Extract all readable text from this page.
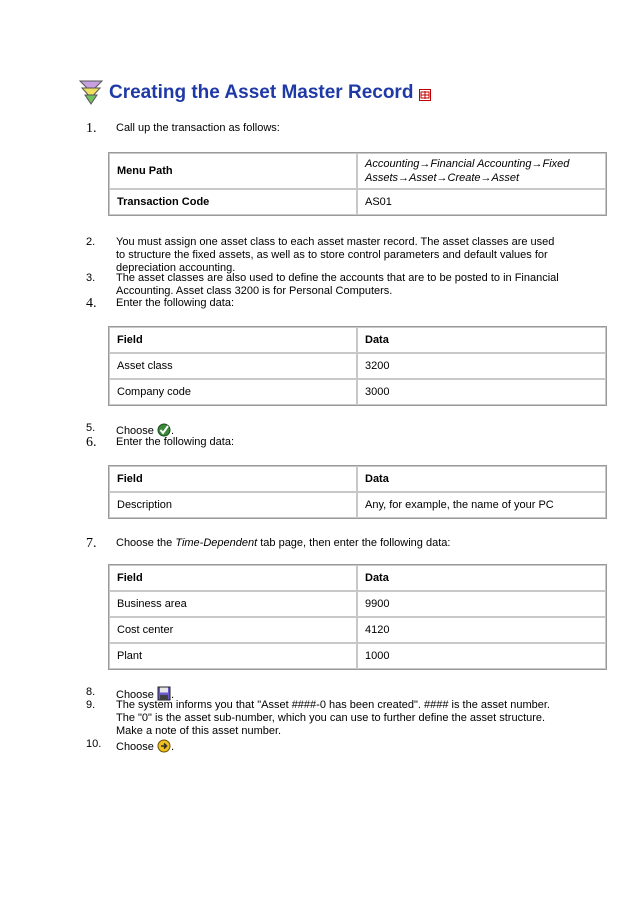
Creating the Asset Master Record
1.	Call up the transaction as follows:
Menu Path	Accounting→Financial Accounting→Fixed Assets→Asset→Create→Asset
Transaction Code	AS01
2.	You must assign one asset class to each asset master record. The asset classes are used to structure the fixed assets, as well as to store control parameters and default values for depreciation accounting.
3.	The asset classes are also used to define the accounts that are to be posted to in Financial Accounting. Asset class 3200 is for Personal Computers.
4.	Enter the following data:
Field	Data
Asset class	3200
Company code	3000
5.	Choose .
6.	Enter the following data:
Field	Data
Description	Any, for example, the name of your PC
7.	Choose the Time-Dependent tab page, then enter the following data:
Field	Data
Business area	9900
Cost center	4120
Plant	1000
8.	Choose .
9.	The system informs you that "Asset ####-0 has been created". #### is the asset number. The "0" is the asset sub-number, which you can use to further define the asset structure. Make a note of this asset number.
10.	Choose .
